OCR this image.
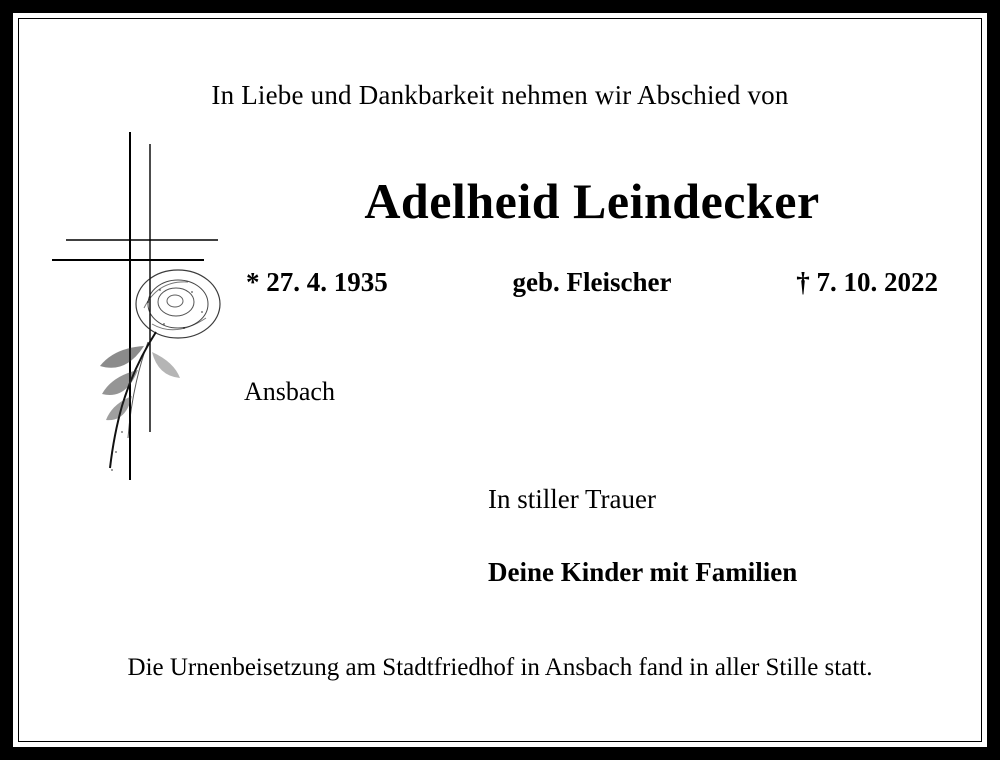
In Liebe und Dankbarkeit nehmen wir Abschied von
Adelheid Leindecker
* 27. 4. 1935	geb. Fleischer	† 7. 10. 2022
Ansbach
In stiller Trauer
Deine Kinder mit Familien
Die Urnenbeisetzung am Stadtfriedhof in Ansbach fand in aller Stille statt.
